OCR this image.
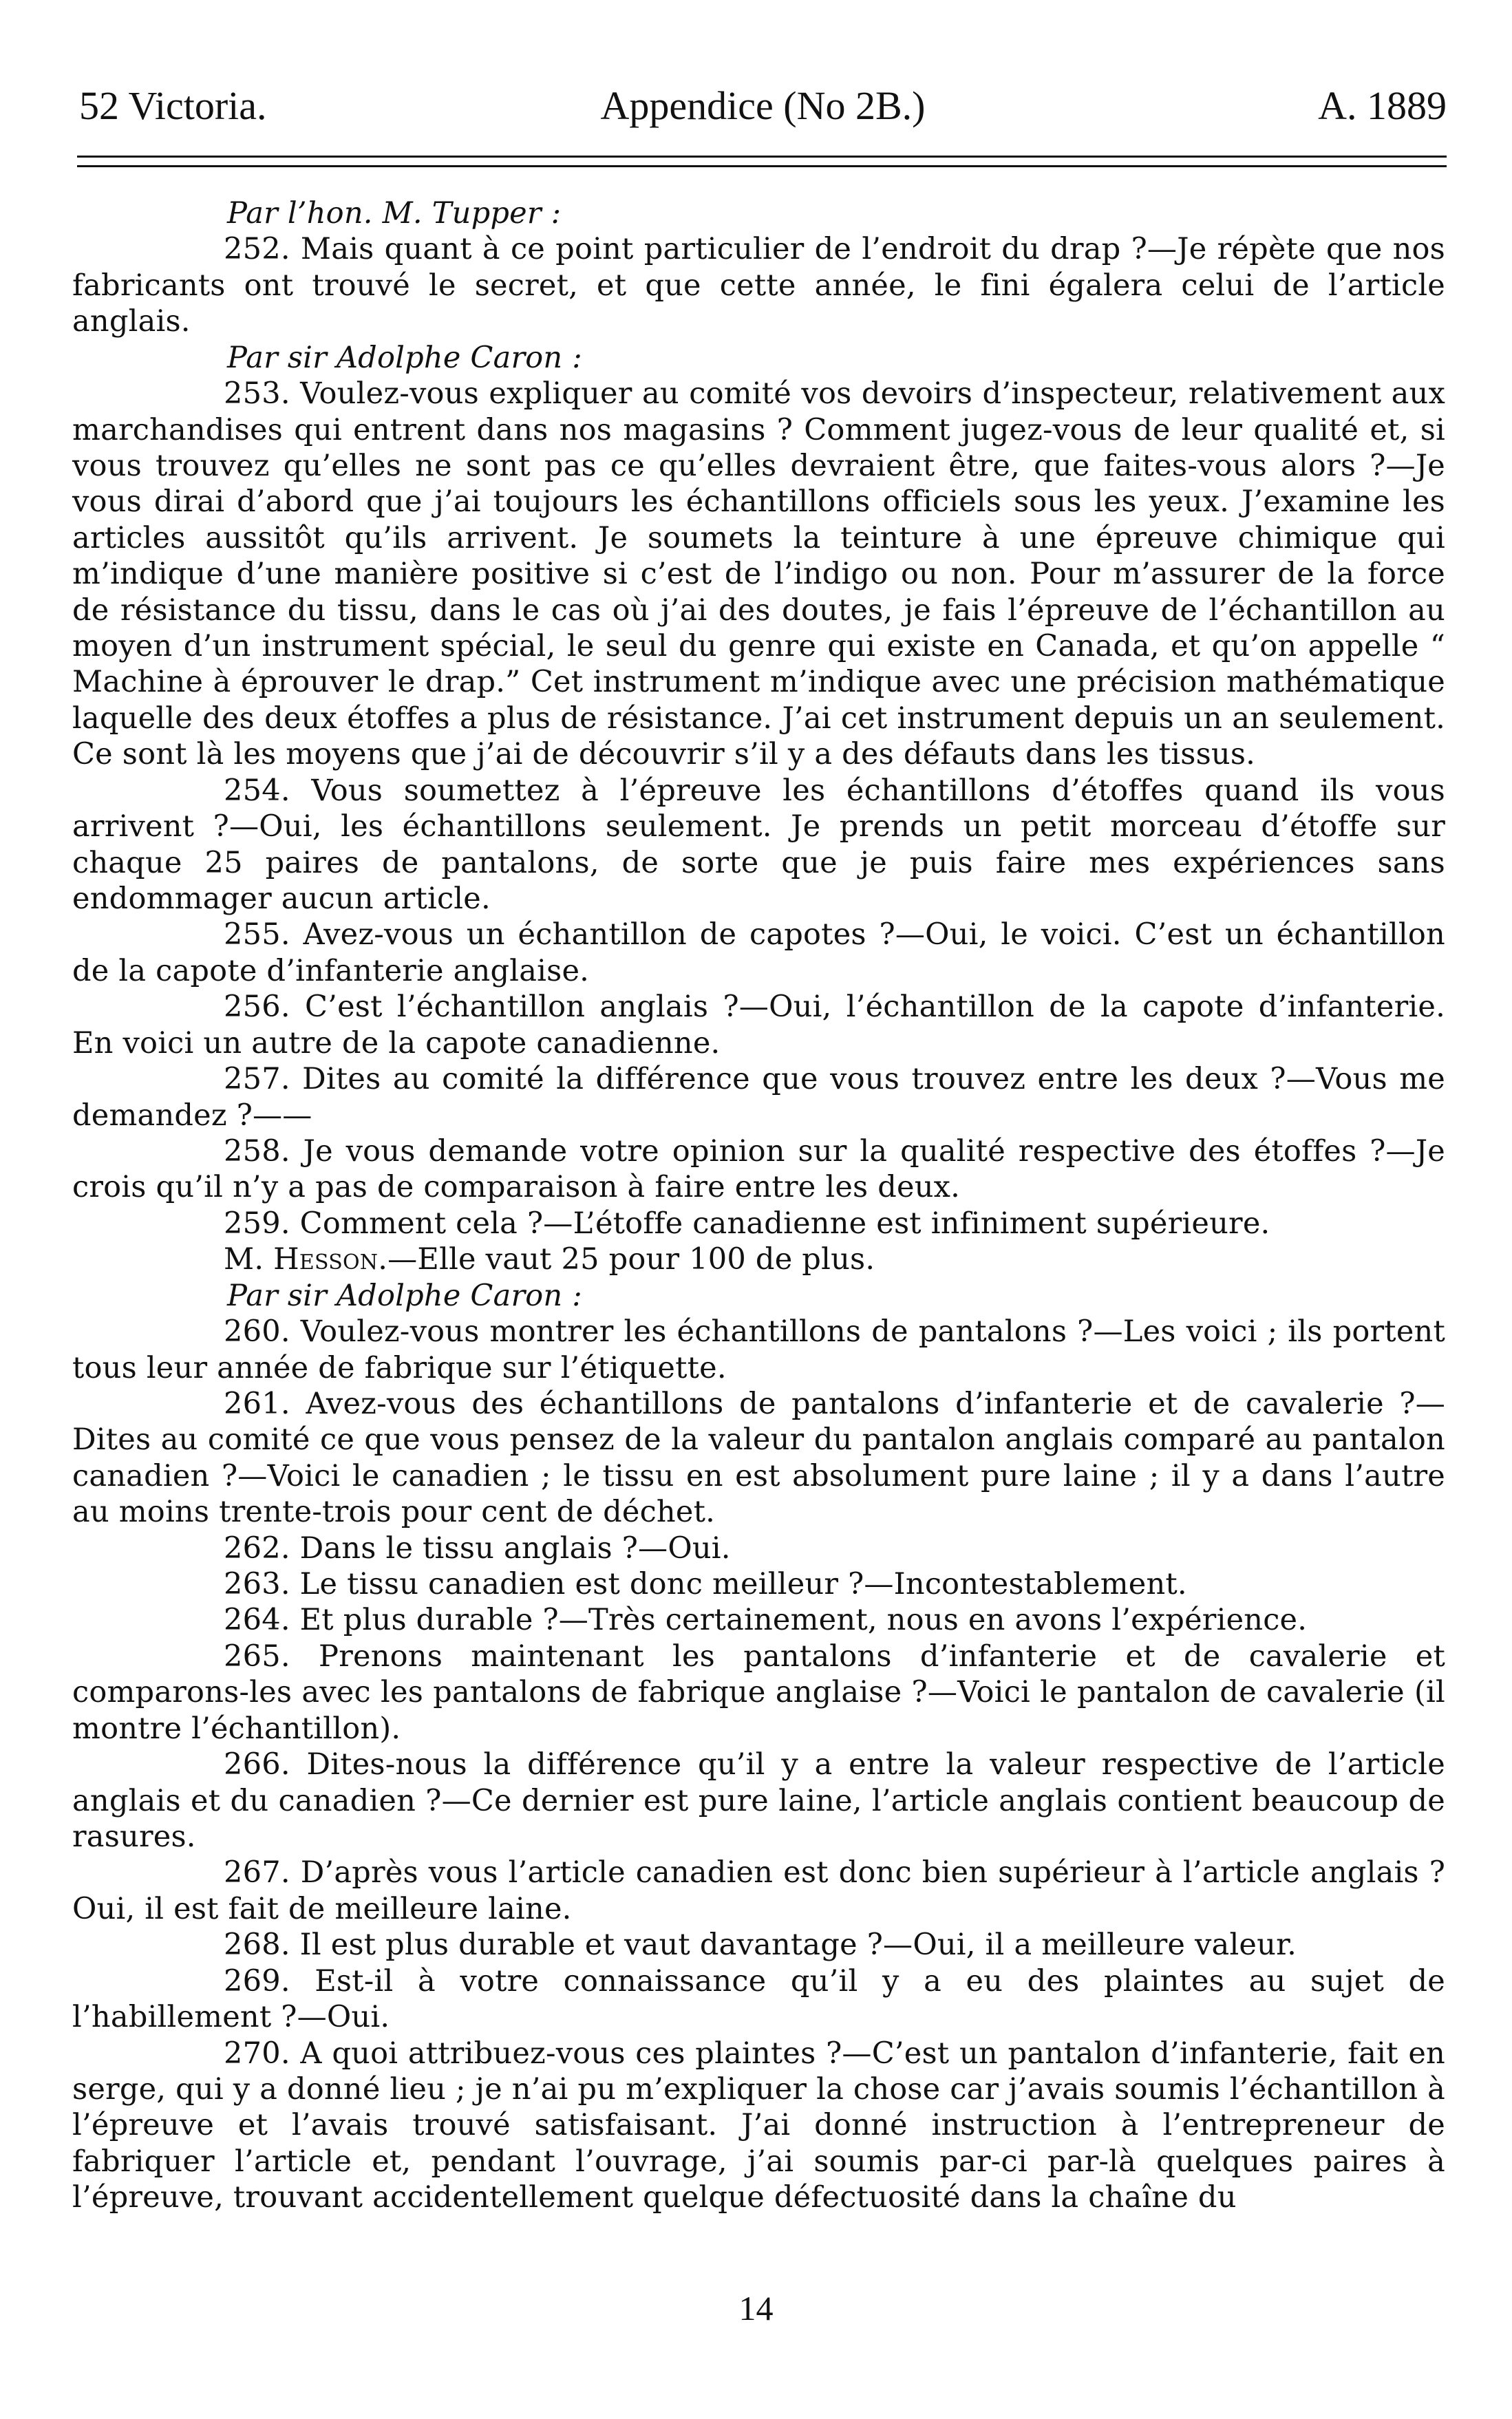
52 Victoria.	Appendice (No 2B.)	A. 1889

Par l’hon. M. Tupper :

252. Mais quant à ce point particulier de l’endroit du drap ?—Je répète que nos fabricants ont trouvé le secret, et que cette année, le fini égalera celui de l’article anglais.

Par sir Adolphe Caron :

253. Voulez-vous expliquer au comité vos devoirs d’inspecteur, relativement aux marchandises qui entrent dans nos magasins ? Comment jugez-vous de leur qualité et, si vous trouvez qu’elles ne sont pas ce qu’elles devraient être, que faites-vous alors ?—Je vous dirai d’abord que j’ai toujours les échantillons officiels sous les yeux. J’examine les articles aussitôt qu’ils arrivent. Je soumets la teinture à une épreuve chimique qui m’indique d’une manière positive si c’est de l’indigo ou non. Pour m’assurer de la force de résistance du tissu, dans le cas où j’ai des doutes, je fais l’épreuve de l’échantillon au moyen d’un instrument spécial, le seul du genre qui existe en Canada, et qu’on appelle “ Machine à éprouver le drap.” Cet instrument m’indique avec une précision mathématique laquelle des deux étoffes a plus de résistance. J’ai cet instrument depuis un an seulement. Ce sont là les moyens que j’ai de découvrir s’il y a des défauts dans les tissus.

254. Vous soumettez à l’épreuve les échantillons d’étoffes quand ils vous arrivent ?—Oui, les échantillons seulement. Je prends un petit morceau d’étoffe sur chaque 25 paires de pantalons, de sorte que je puis faire mes expériences sans endommager aucun article.

255. Avez-vous un échantillon de capotes ?—Oui, le voici. C’est un échantillon de la capote d’infanterie anglaise.

256. C’est l’échantillon anglais ?—Oui, l’échantillon de la capote d’infanterie. En voici un autre de la capote canadienne.

257. Dites au comité la différence que vous trouvez entre les deux ?—Vous me demandez ?——

258. Je vous demande votre opinion sur la qualité respective des étoffes ?—Je crois qu’il n’y a pas de comparaison à faire entre les deux.

259. Comment cela ?—L’étoffe canadienne est infiniment supérieure.

M. Hesson.—Elle vaut 25 pour 100 de plus.

Par sir Adolphe Caron :

260. Voulez-vous montrer les échantillons de pantalons ?—Les voici ; ils portent tous leur année de fabrique sur l’étiquette.

261. Avez-vous des échantillons de pantalons d’infanterie et de cavalerie ?—Dites au comité ce que vous pensez de la valeur du pantalon anglais comparé au pantalon canadien ?—Voici le canadien ; le tissu en est absolument pure laine ; il y a dans l’autre au moins trente-trois pour cent de déchet.

262. Dans le tissu anglais ?—Oui.

263. Le tissu canadien est donc meilleur ?—Incontestablement.

264. Et plus durable ?—Très certainement, nous en avons l’expérience.

265. Prenons maintenant les pantalons d’infanterie et de cavalerie et comparons-les avec les pantalons de fabrique anglaise ?—Voici le pantalon de cavalerie (il montre l’échantillon).

266. Dites-nous la différence qu’il y a entre la valeur respective de l’article anglais et du canadien ?—Ce dernier est pure laine, l’article anglais contient beaucoup de rasures.

267. D’après vous l’article canadien est donc bien supérieur à l’article anglais ? Oui, il est fait de meilleure laine.

268. Il est plus durable et vaut davantage ?—Oui, il a meilleure valeur.

269. Est-il à votre connaissance qu’il y a eu des plaintes au sujet de l’habillement ?—Oui.

270. A quoi attribuez-vous ces plaintes ?—C’est un pantalon d’infanterie, fait en serge, qui y a donné lieu ; je n’ai pu m’expliquer la chose car j’avais soumis l’échantillon à l’épreuve et l’avais trouvé satisfaisant. J’ai donné instruction à l’entrepreneur de fabriquer l’article et, pendant l’ouvrage, j’ai soumis par-ci par-là quelques paires à l’épreuve, trouvant accidentellement quelque défectuosité dans la chaîne du

14
